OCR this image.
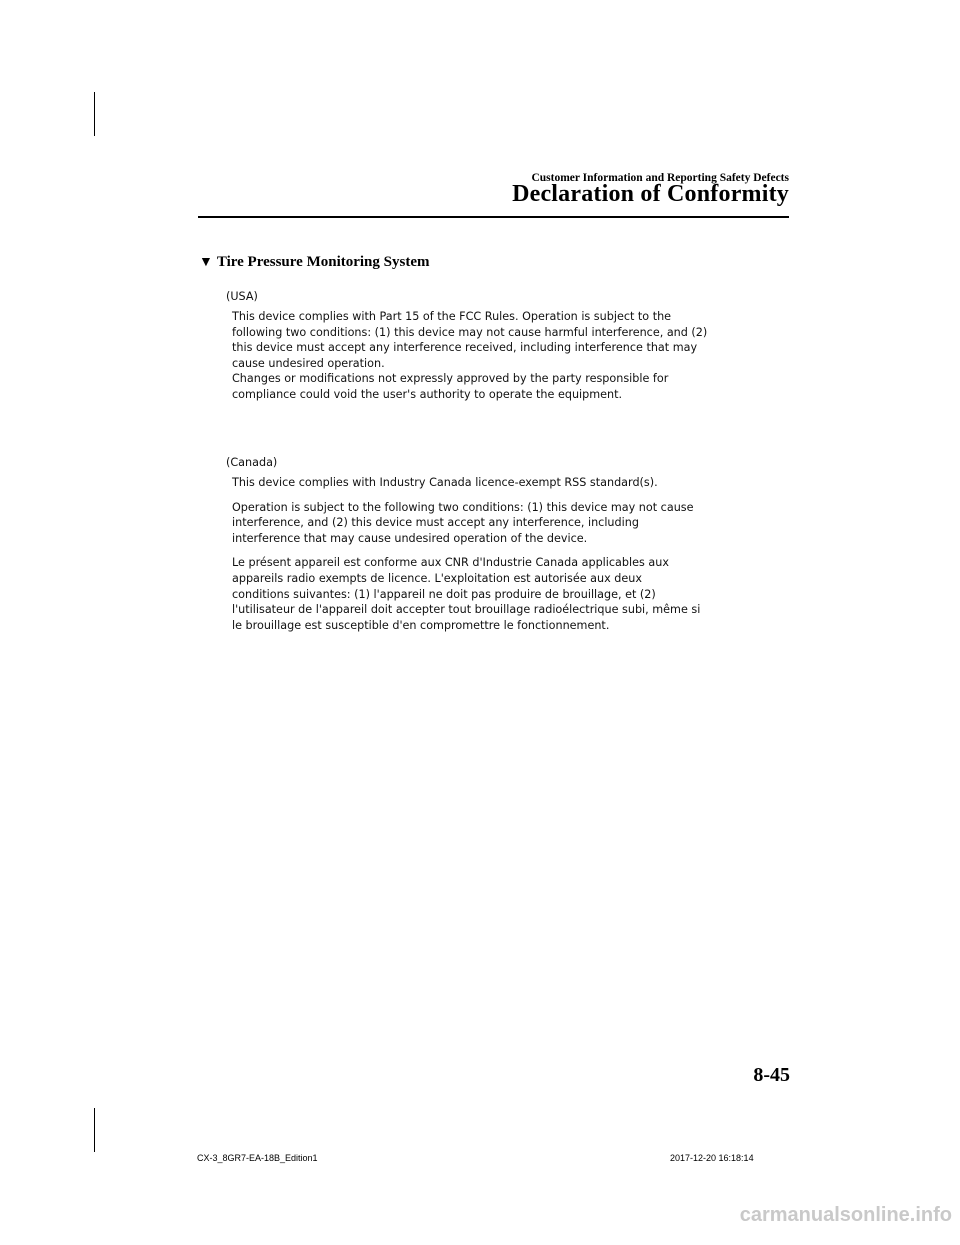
Customer Information and Reporting Safety Defects
Declaration of Conformity
▼ Tire Pressure Monitoring System
(USA)

This device complies with Part 15 of the FCC Rules. Operation is subject to the

following two conditions: (1) this device may not cause harmful interference, and (2)

this device must accept any interference received, including interference that may

cause undesired operation.

Changes or modifications not expressly approved by the party responsible for

compliance could void the user's authority to operate the equipment.

(Canada)

This device complies with Industry Canada licence-exempt RSS standard(s).

Operation is subject to the following two conditions: (1) this device may not cause

interference, and (2) this device must accept any interference, including

interference that may cause undesired operation of the device.

Le présent appareil est conforme aux CNR d'Industrie Canada applicables aux

appareils radio exempts de licence. L'exploitation est autorisée aux deux

conditions suivantes: (1) l'appareil ne doit pas produire de brouillage, et (2)

l'utilisateur de l'appareil doit accepter tout brouillage radioélectrique subi, même si

le brouillage est susceptible d'en compromettre le fonctionnement.

8-45
CX-3_8GR7-EA-18B_Edition1	2017-12-20 16:18:14
carmanualsonline.info
